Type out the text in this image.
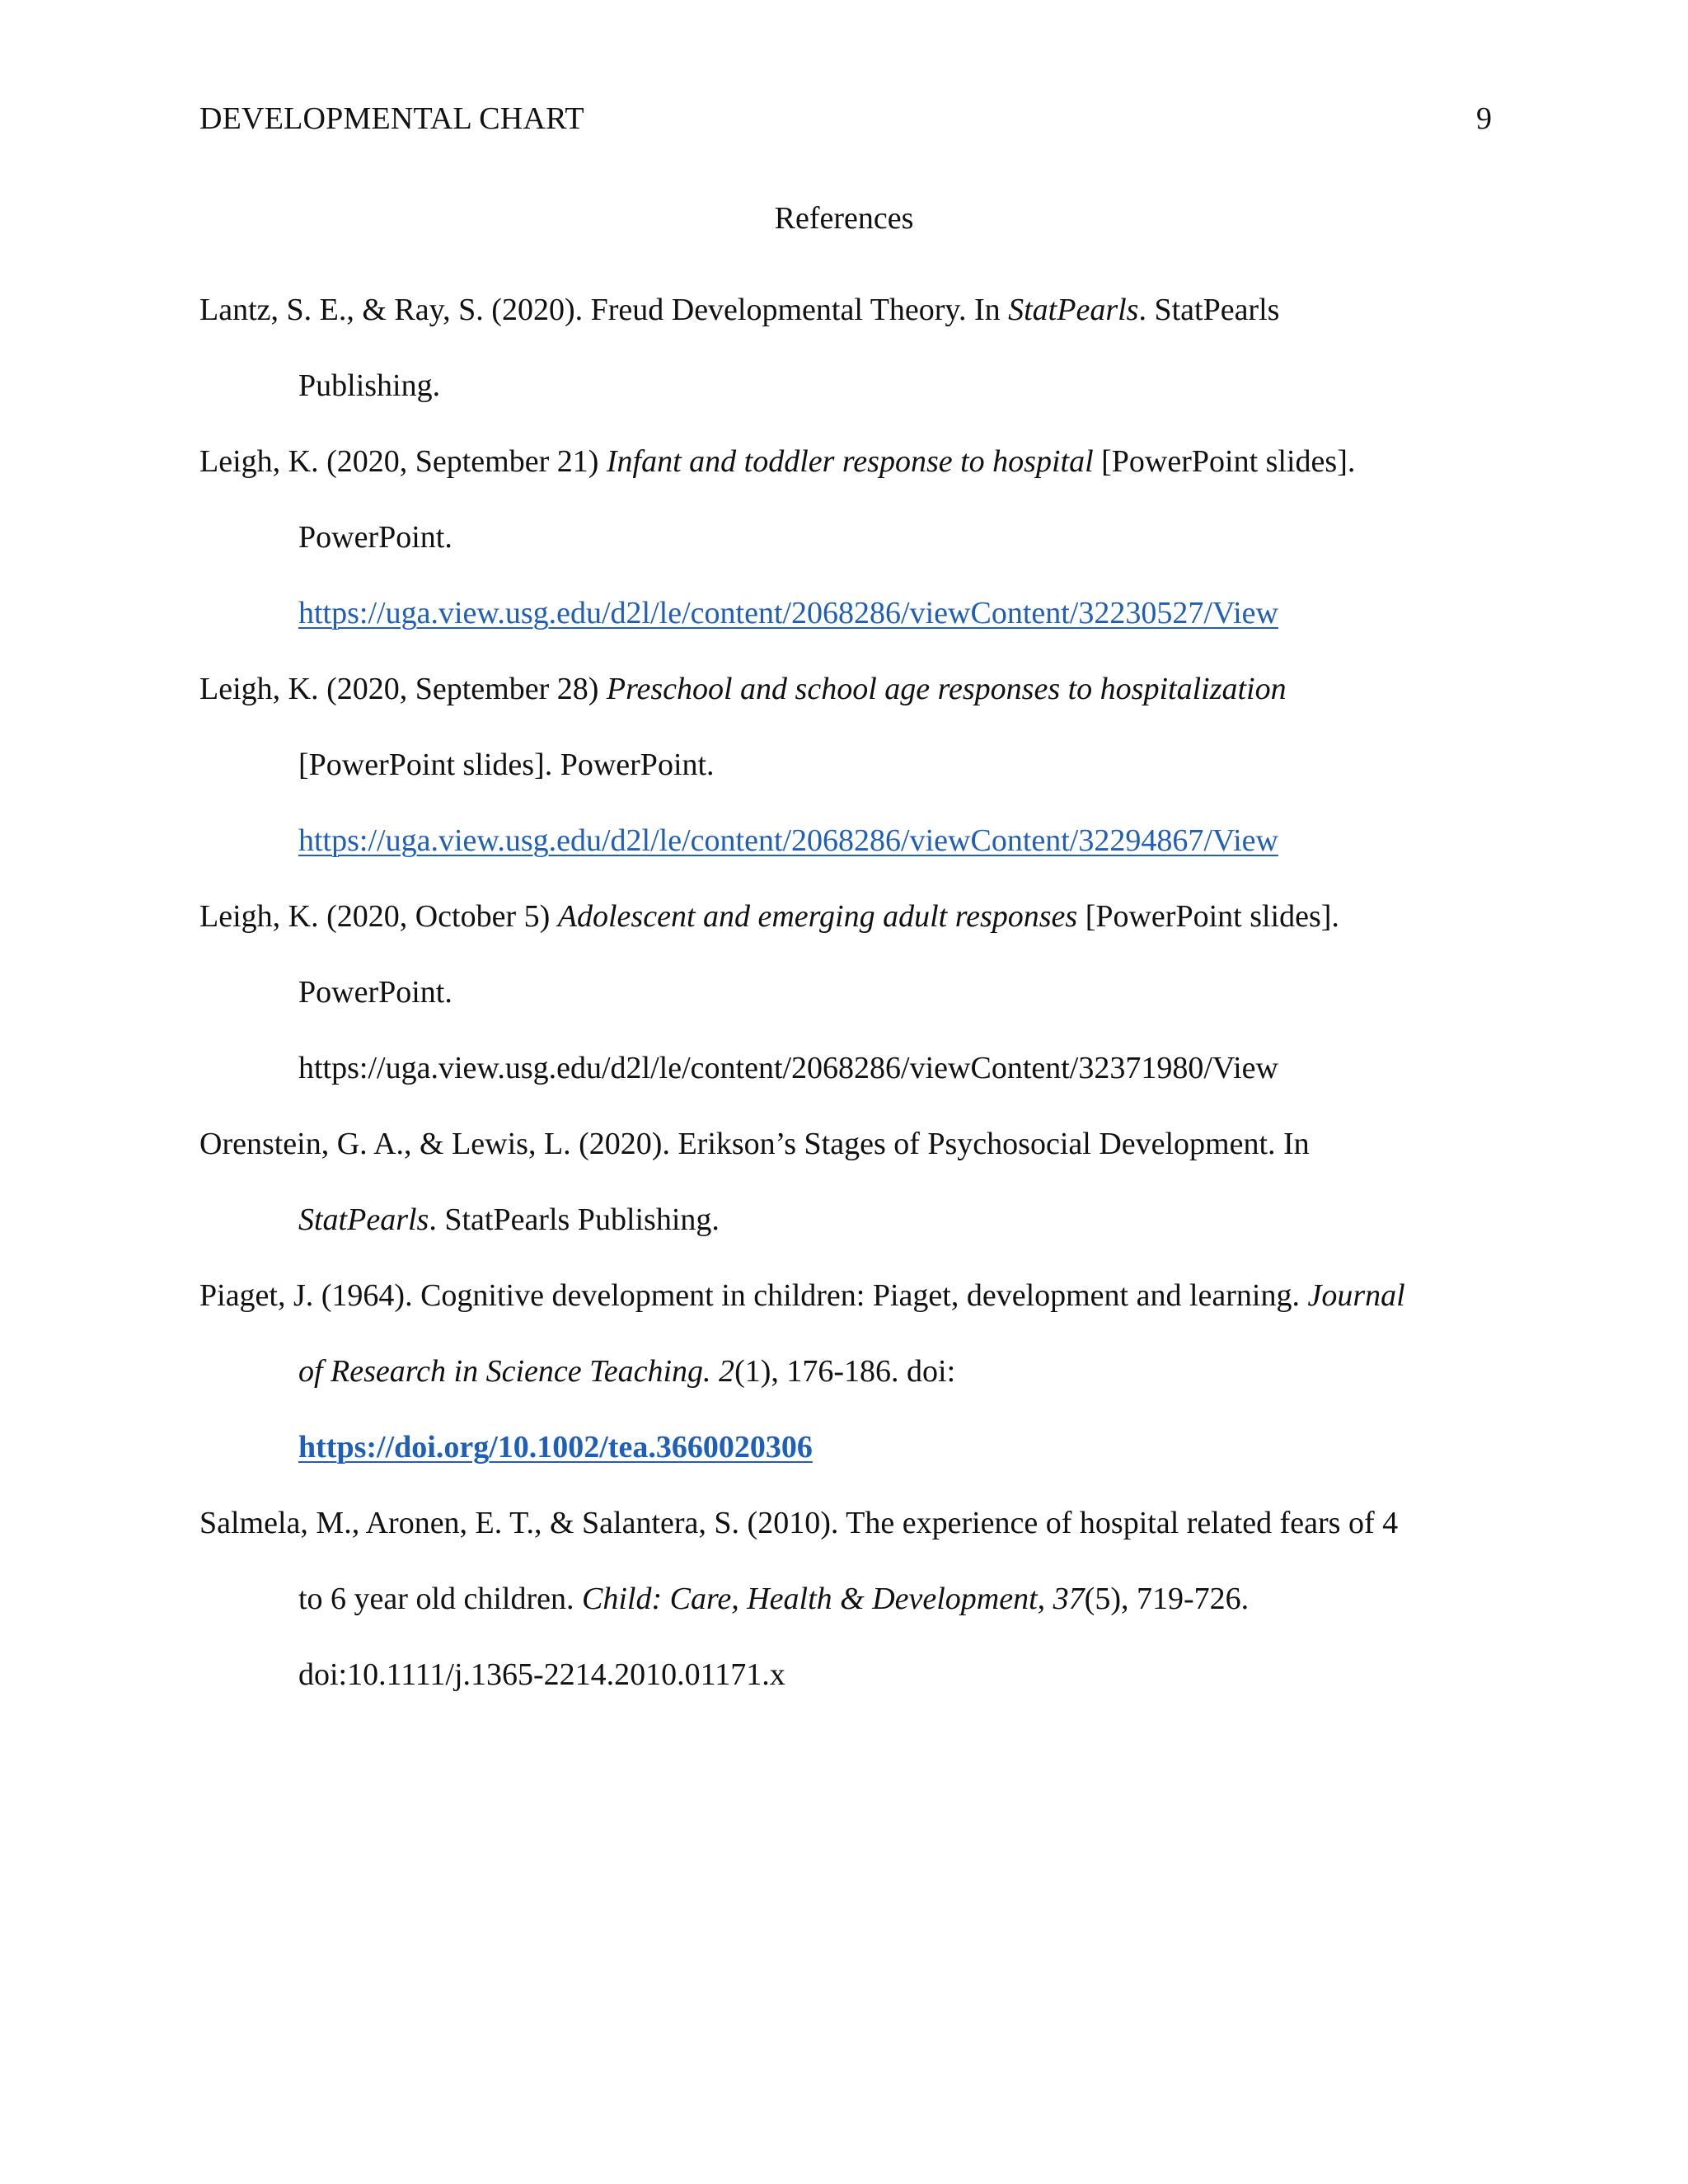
DEVELOPMENTAL CHART	9
References

Lantz, S. E., & Ray, S. (2020). Freud Developmental Theory. In StatPearls. StatPearls
Publishing.

Leigh, K. (2020, September 21) Infant and toddler response to hospital [PowerPoint slides].
PowerPoint.
https://uga.view.usg.edu/d2l/le/content/2068286/viewContent/32230527/View

Leigh, K. (2020, September 28) Preschool and school age responses to hospitalization
[PowerPoint slides]. PowerPoint.
https://uga.view.usg.edu/d2l/le/content/2068286/viewContent/32294867/View

Leigh, K. (2020, October 5) Adolescent and emerging adult responses [PowerPoint slides].
PowerPoint.
https://uga.view.usg.edu/d2l/le/content/2068286/viewContent/32371980/View

Orenstein, G. A., & Lewis, L. (2020). Erikson’s Stages of Psychosocial Development. In
StatPearls. StatPearls Publishing.

Piaget, J. (1964). Cognitive development in children: Piaget, development and learning. Journal
of Research in Science Teaching. 2(1), 176-186. doi:
https://doi.org/10.1002/tea.3660020306

Salmela, M., Aronen, E. T., & Salantera, S. (2010). The experience of hospital related fears of 4
to 6 year old children. Child: Care, Health & Development, 37(5), 719-726.
doi:10.1111/j.1365-2214.2010.01171.x
